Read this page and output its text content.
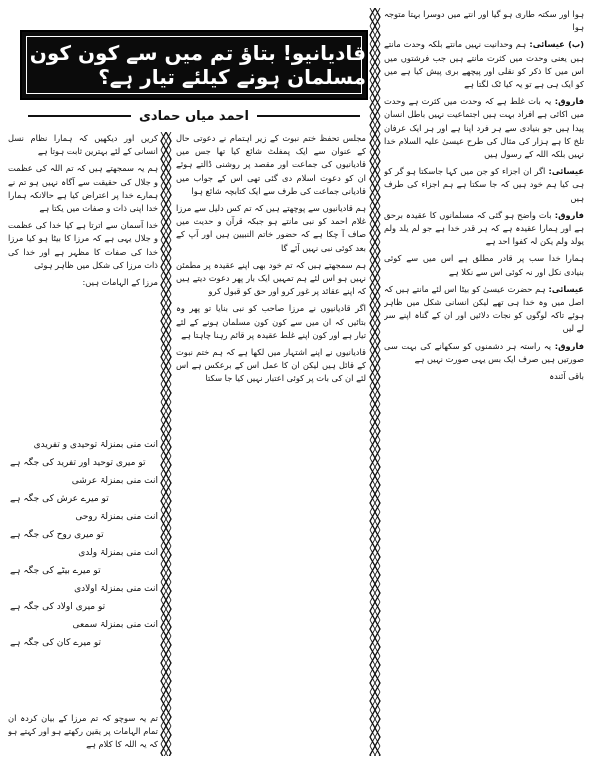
ہوا اور سکتہ طاری ہو گیا اور انتے میں دوسرا بہتا متوجہ ہوا

(ب) عیسائی: ہم وحدانیت نہیں مانتے بلکہ وحدت مانتے ہیں یعنی وحدت میں کثرت مانتے ہیں جب فرشتوں میں اس میں کا ذکر کو نقلی اور پیچھے بری پیش کیا ہے میں کو ایک ہی ہے تو یہ کیا ٹک لگتا ہے

فاروق: یہ بات غلط ہے کہ وحدت میں کثرت ہے وحدت میں اکائی ہے افراد بہت ہیں اجتماعیت نہیں باطل انسان پیدا ہیں جو بنیادی سے ہر فرد اپنا ہے اور ہر ایک عرفان تلخ کا ہے ہزار کی مثال کی طرح عیسیٰ علیہ السلام خدا نہیں بلکہ اللہ کے رسول ہیں

عیسائی: اگر ان اجزاء کو جن میں کہا جاسکتا ہو گر کو ہی کیا ہم خود ہیں کہ جا سکتا ہے ہم اجزاء کی طرف ہیں

فاروق: بات واضح ہو گئی کہ مسلمانوں کا عقیدہ برحق ہے اور ہمارا عقیدہ ہے کہ ہر قدر خدا ہے جو لم یلد ولم یولد ولم یکن لہ کفوا احد ہے

ہمارا خدا سب پر قادر مطلق ہے اس میں سے کوئی بنیادی نکل اور نہ کوئی اس سے نکلا ہے

عیسائی: ہم حضرت عیسیٰ کو بیٹا اس لئے مانتے ہیں کہ اصل میں وہ خدا ہی تھے لیکن انسانی شکل میں ظاہر ہوئے تاکہ لوگوں کو نجات دلائیں اور ان کے گناہ اپنے سر لے لیں

فاروق: یہ راستہ ہر دشمنوں کو سکھانے کی بہت سی صورتیں ہیں صرف ایک بس یہی صورت نہیں ہے

باقی آئندہ

قادیانیو! بتاؤ تم میں سے کون کون مسلمان ہونے کیلئے تیار ہے؟
احمد میاں حمادی

مجلس تحفظ ختم نبوت کے زیر اہتمام نے دعوتی حال کے عنوان سے ایک پمفلٹ شائع کیا تھا جس میں قادیانیوں کی جماعت اور مقصد پر روشنی ڈالتے ہوئے ان کو دعوت اسلام دی گئی تھی اس کے جواب میں قادیانی جماعت کی طرف سے ایک کتابچہ شائع ہوا

ہم قادیانیوں سے پوچھتے ہیں کہ تم کس دلیل سے مرزا غلام احمد کو نبی مانتے ہو جبکہ قرآن و حدیث میں صاف آ چکا ہے کہ حضور خاتم النبیین ہیں اور آپ کے بعد کوئی نبی نہیں آئے گا

ہم سمجھتے ہیں کہ تم خود بھی اپنے عقیدہ پر مطمئن نہیں ہو اس لئے ہم تمہیں ایک بار پھر دعوت دیتے ہیں کہ اپنے عقائد پر غور کرو اور حق کو قبول کرو

اگر قادیانیوں نے مرزا صاحب کو نبی بنایا تو پھر وہ بتائیں کہ ان میں سے کون کون مسلمان ہونے کے لئے تیار ہے اور کون اپنے غلط عقیدہ پر قائم رہنا چاہتا ہے

قادیانیوں نے اپنے اشتہار میں لکھا ہے کہ ہم ختم نبوت کے قائل ہیں لیکن ان کا عمل اس کے برعکس ہے اس لئے ان کی بات پر کوئی اعتبار نہیں کیا جا سکتا

کریں اور دیکھیں کہ ہمارا نظام نسل انسانی کے لئے بہترین ثابت ہوتا ہے

ہم یہ سمجھتے ہیں کہ تم اللہ کی عظمت و جلال کی حقیقت سے آگاہ نہیں ہو تم نے ہمارے خدا پر اعتراض کیا ہے حالانکہ ہمارا خدا اپنی ذات و صفات میں یکتا ہے

خدا آسمان سے اترتا ہے کیا خدا کی عظمت و جلال یہی ہے کہ مرزا کا بیٹا ہو کیا مرزا خدا کی صفات کا مظہر ہے اور خدا کی ذات مرزا کی شکل میں ظاہر ہوئی

مرزا کے الہامات ہیں:

انت منی بمنزلۃ توحیدی و تفریدی
تو میری توحید اور تفرید کی جگہ ہے
انت منی بمنزلۃ عرشی
تو میرے عرش کی جگہ ہے
انت منی بمنزلۃ روحی
تو میری روح کی جگہ ہے
انت منی بمنزلۃ ولدی
تو میرے بیٹے کی جگہ ہے
انت منی بمنزلۃ اولادی
تو میری اولاد کی جگہ ہے
انت منی بمنزلۃ سمعی
تو میرے کان کی جگہ ہے

تم یہ سوچو کہ تم مرزا کے بیان کردہ ان تمام الہامات پر یقین رکھتے ہو اور کہتے ہو کہ یہ اللہ کا کلام ہے
